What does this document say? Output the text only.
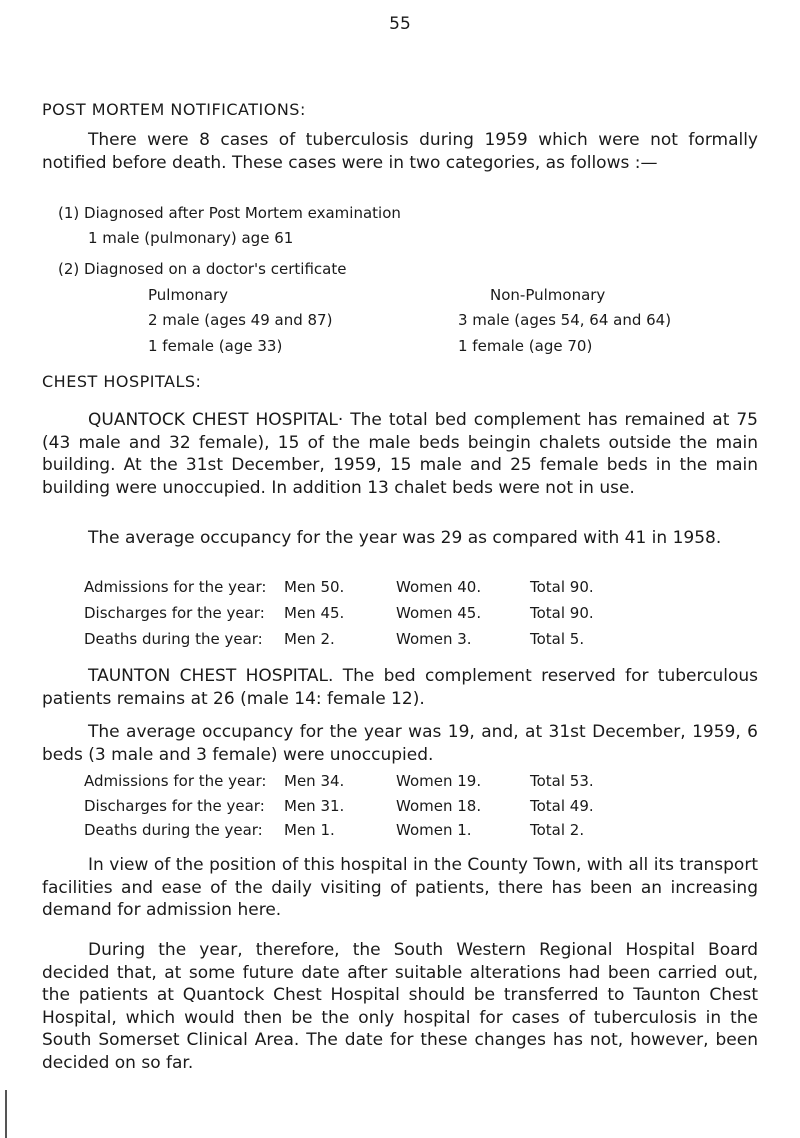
55
POST MORTEM NOTIFICATIONS:
There were 8 cases of tuberculosis during 1959 which were not formally notified before death. These cases were in two categories, as follows :—
(1) Diagnosed after Post Mortem examination
1 male (pulmonary) age 61
(2) Diagnosed on a doctor's certificate
Pulmonary	Non-Pulmonary
2 male (ages 49 and 87)	3 male (ages 54, 64 and 64)
1 female (age 33)	1 female (age 70)
CHEST HOSPITALS:
QUANTOCK CHEST HOSPITAL· The total bed complement has remained at 75 (43 male and 32 female), 15 of the male beds beingin chalets outside the main building. At the 31st December, 1959, 15 male and 25 female beds in the main building were unoccupied. In addition 13 chalet beds were not in use.
The average occupancy for the year was 29 as compared with 41 in 1958.
Admissions for the year: Men 50.	Women 40.	Total 90.
Discharges for the year: Men 45.	Women 45.	Total 90.
Deaths during the year: Men 2.	Women 3.	Total 5.
TAUNTON CHEST HOSPITAL. The bed complement reserved for tuberculous patients remains at 26 (male 14: female 12).
The average occupancy for the year was 19, and, at 31st December, 1959, 6 beds (3 male and 3 female) were unoccupied.
Admissions for the year: Men 34.	Women 19.	Total 53.
Discharges for the year: Men 31.	Women 18.	Total 49.
Deaths during the year: Men 1.	Women 1.	Total 2.
In view of the position of this hospital in the County Town, with all its transport facilities and ease of the daily visiting of patients, there has been an increasing demand for admission here.
During the year, therefore, the South Western Regional Hospital Board decided that, at some future date after suitable alterations had been carried out, the patients at Quantock Chest Hospital should be transferred to Taunton Chest Hospital, which would then be the only hospital for cases of tuberculosis in the South Somerset Clinical Area. The date for these changes has not, however, been decided on so far.
